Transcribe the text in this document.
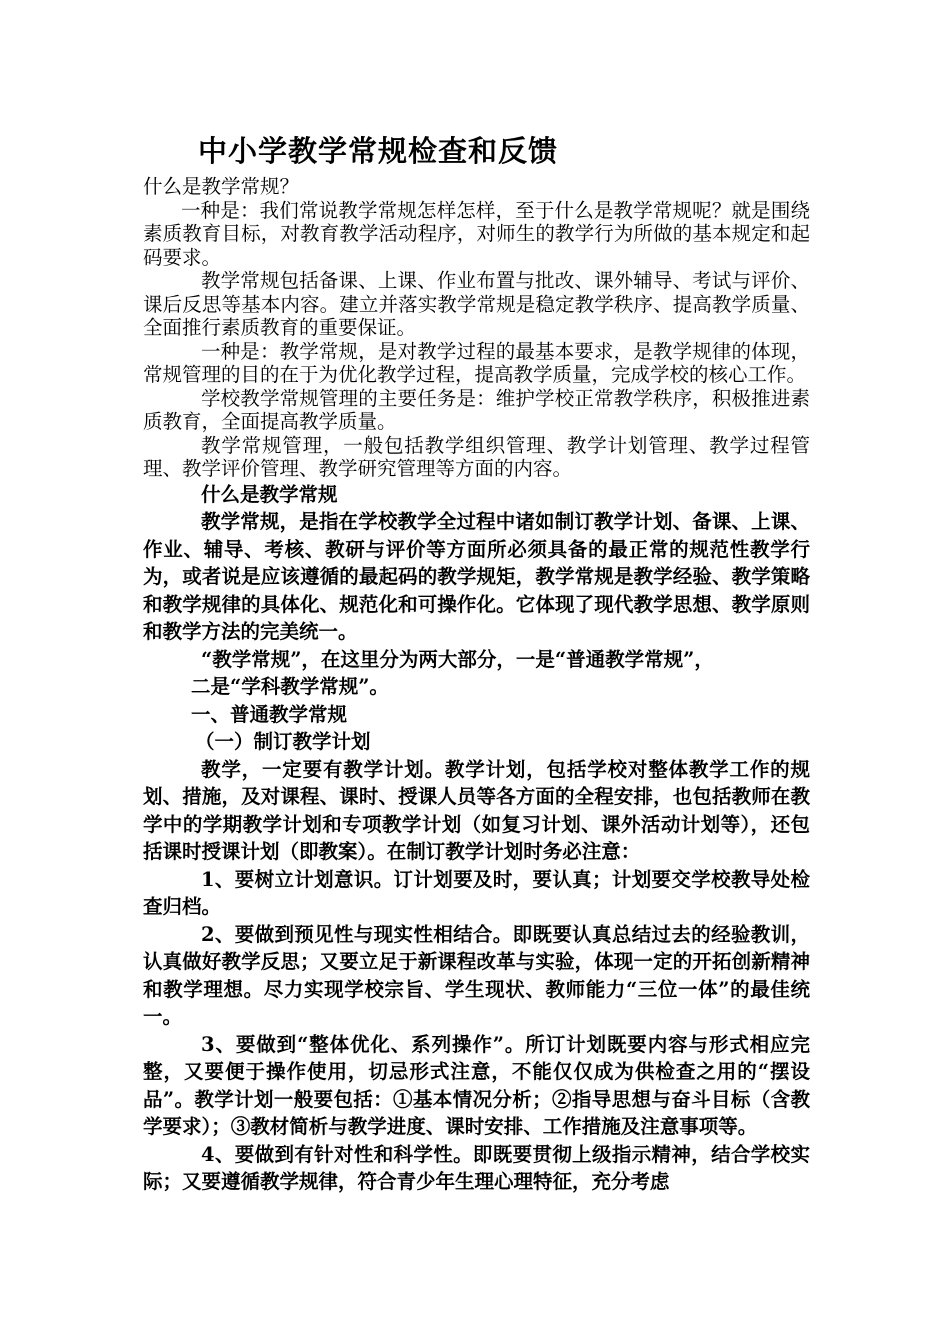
中小学教学常规检查和反馈

什么是教学常规？

一种是：我们常说教学常规怎样怎样，至于什么是教学常规呢？就是围绕素质教育目标，对教育教学活动程序，对师生的教学行为所做的基本规定和起码要求。

教学常规包括备课、上课、作业布置与批改、课外辅导、考试与评价、课后反思等基本内容。建立并落实教学常规是稳定教学秩序、提高教学质量、全面推行素质教育的重要保证。

一种是：教学常规，是对教学过程的最基本要求，是教学规律的体现，常规管理的目的在于为优化教学过程，提高教学质量，完成学校的核心工作。

学校教学常规管理的主要任务是：维护学校正常教学秩序，积极推进素质教育，全面提高教学质量。

教学常规管理，一般包括教学组织管理、教学计划管理、教学过程管理、教学评价管理、教学研究管理等方面的内容。

什么是教学常规

教学常规，是指在学校教学全过程中诸如制订教学计划、备课、上课、作业、辅导、考核、教研与评价等方面所必须具备的最正常的规范性教学行为，或者说是应该遵循的最起码的教学规矩，教学常规是教学经验、教学策略和教学规律的具体化、规范化和可操作化。它体现了现代教学思想、教学原则和教学方法的完美统一。

“教学常规”，在这里分为两大部分，一是“普通教学常规”，

二是“学科教学常规”。

一、普通教学常规
（一）制订教学计划

教学，一定要有教学计划。教学计划，包括学校对整体教学工作的规划、措施，及对课程、课时、授课人员等各方面的全程安排，也包括教师在教学中的学期教学计划和专项教学计划（如复习计划、课外活动计划等），还包括课时授课计划（即教案）。在制订教学计划时务必注意：

1、要树立计划意识。订计划要及时，要认真；计划要交学校教导处检查归档。

2、要做到预见性与现实性相结合。即既要认真总结过去的经验教训，认真做好教学反思；又要立足于新课程改革与实验，体现一定的开拓创新精神和教学理想。尽力实现学校宗旨、学生现状、教师能力“三位一体”的最佳统一。

3、要做到“整体优化、系列操作”。所订计划既要内容与形式相应完整，又要便于操作使用，切忌形式注意，不能仅仅成为供检查之用的“摆设品”。教学计划一般要包括：①基本情况分析；②指导思想与奋斗目标（含教学要求）；③教材简析与教学进度、课时安排、工作措施及注意事项等。

4、要做到有针对性和科学性。即既要贯彻上级指示精神，结合学校实际；又要遵循教学规律，符合青少年生理心理特征，充分考虑
